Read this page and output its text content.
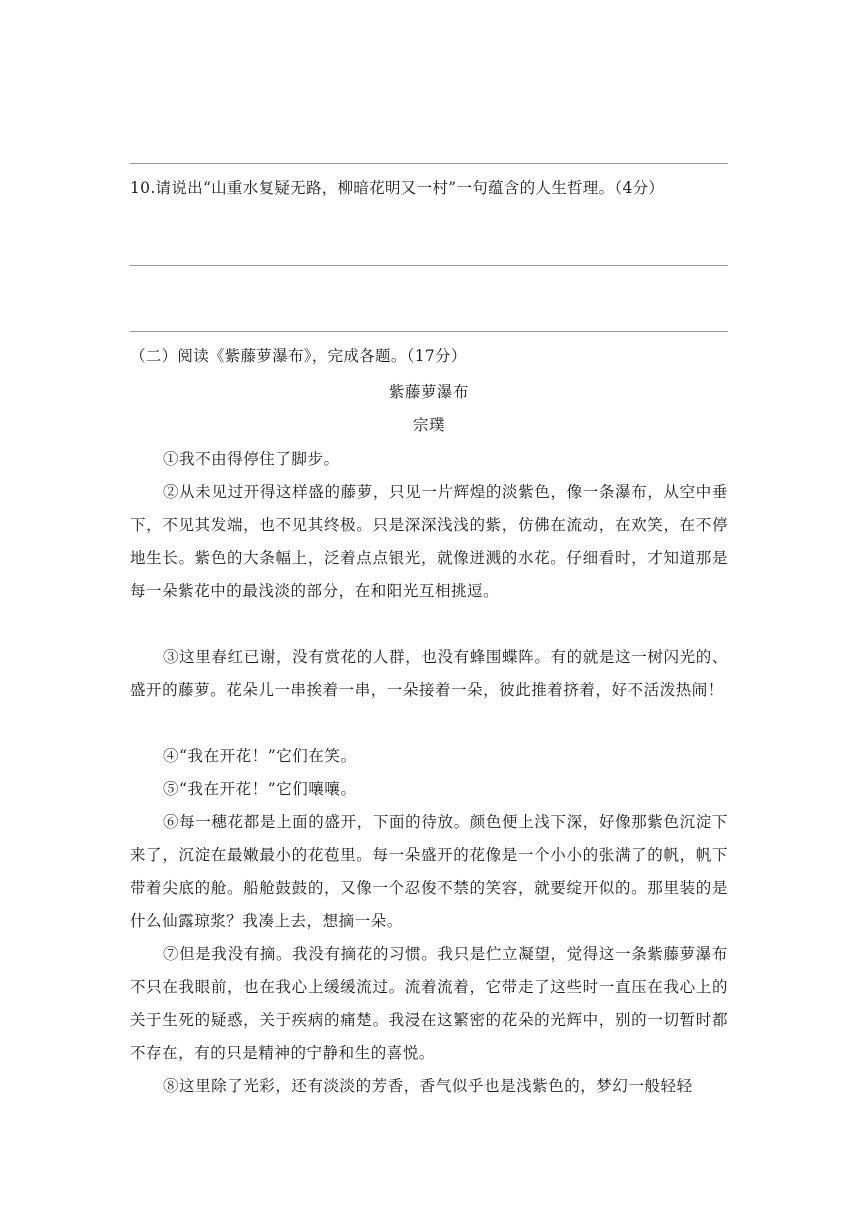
10.请说出“山重水复疑无路，柳暗花明又一村”一句蕴含的人生哲理。（4分）
（二）阅读《紫藤萝瀑布》，完成各题。（17分）
紫藤萝瀑布
宗璞

①我不由得停住了脚步。

②从未见过开得这样盛的藤萝，只见一片辉煌的淡紫色，像一条瀑布，从空中垂下，不见其发端，也不见其终极。只是深深浅浅的紫，仿佛在流动，在欢笑，在不停地生长。紫色的大条幅上，泛着点点银光，就像迸溅的水花。仔细看时，才知道那是每一朵紫花中的最浅淡的部分，在和阳光互相挑逗。

③这里春红已谢，没有赏花的人群，也没有蜂围蝶阵。有的就是这一树闪光的、盛开的藤萝。花朵儿一串挨着一串，一朵接着一朵，彼此推着挤着，好不活泼热闹！

④“我在开花！”它们在笑。

⑤“我在开花！”它们嚷嚷。

⑥每一穗花都是上面的盛开，下面的待放。颜色便上浅下深，好像那紫色沉淀下来了，沉淀在最嫩最小的花苞里。每一朵盛开的花像是一个小小的张满了的帆，帆下带着尖底的舱。船舱鼓鼓的，又像一个忍俊不禁的笑容，就要绽开似的。那里装的是什么仙露琼浆？我凑上去，想摘一朵。

⑦但是我没有摘。我没有摘花的习惯。我只是伫立凝望，觉得这一条紫藤萝瀑布不只在我眼前，也在我心上缓缓流过。流着流着，它带走了这些时一直压在我心上的关于生死的疑惑，关于疾病的痛楚。我浸在这繁密的花朵的光辉中，别的一切暂时都不存在，有的只是精神的宁静和生的喜悦。

⑧这里除了光彩，还有淡淡的芳香，香气似乎也是浅紫色的，梦幻一般轻轻
